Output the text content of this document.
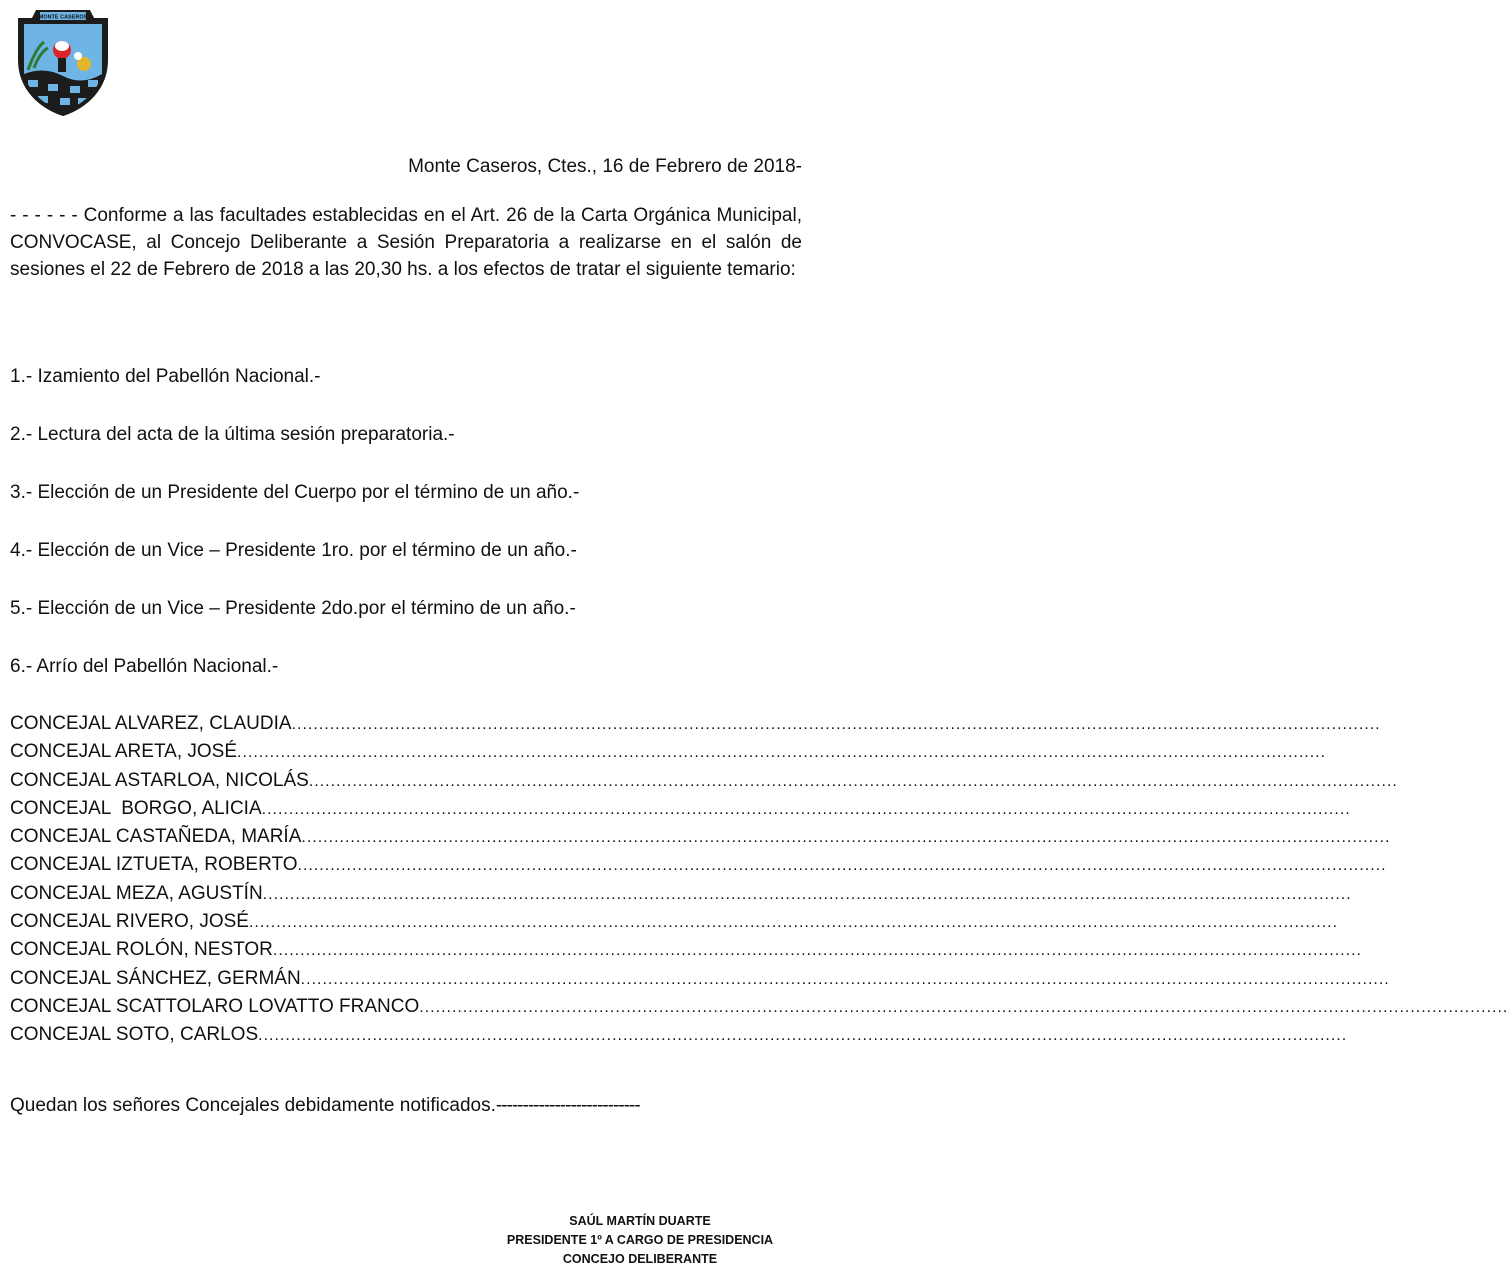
MONTE CASEROS
Monte Caseros, Ctes., 16 de Febrero de 2018-
- - - - - - Conforme a las facultades establecidas en el Art. 26 de la Carta Orgánica Municipal, CONVOCASE, al Concejo Deliberante a Sesión Preparatoria a realizarse en el salón de sesiones el 22 de Febrero de 2018 a las 20,30 hs. a los efectos de tratar el siguiente temario:
1.- Izamiento del Pabellón Nacional.-
2.- Lectura del acta de la última sesión preparatoria.-
3.- Elección de un Presidente del Cuerpo por el término de un año.-
4.- Elección de un Vice – Presidente 1ro. por el término de un año.-
5.- Elección de un Vice – Presidente 2do.por el término de un año.-
6.- Arrío del Pabellón Nacional.-
CONCEJAL ALVAREZ, CLAUDIA ........................................................................................................................................................................................................
CONCEJAL ARETA, JOSÉ ........................................................................................................................................................................................................
CONCEJAL ASTARLOA, NICOLÁS ........................................................................................................................................................................................................
CONCEJAL  BORGO, ALICIA ........................................................................................................................................................................................................
CONCEJAL CASTAÑEDA, MARÍA ........................................................................................................................................................................................................
CONCEJAL IZTUETA, ROBERTO ........................................................................................................................................................................................................
CONCEJAL MEZA, AGUSTÍN ........................................................................................................................................................................................................
CONCEJAL RIVERO, JOSÉ ........................................................................................................................................................................................................
CONCEJAL ROLÓN, NESTOR ........................................................................................................................................................................................................
CONCEJAL SÁNCHEZ, GERMÁN ........................................................................................................................................................................................................
CONCEJAL SCATTOLARO LOVATTO FRANCO ........................................................................................................................................................................................................
CONCEJAL SOTO, CARLOS ........................................................................................................................................................................................................
Quedan los señores Concejales debidamente notificados.---------------------------
SAÚL MARTÍN DUARTE
PRESIDENTE 1º A CARGO DE PRESIDENCIA
CONCEJO DELIBERANTE
